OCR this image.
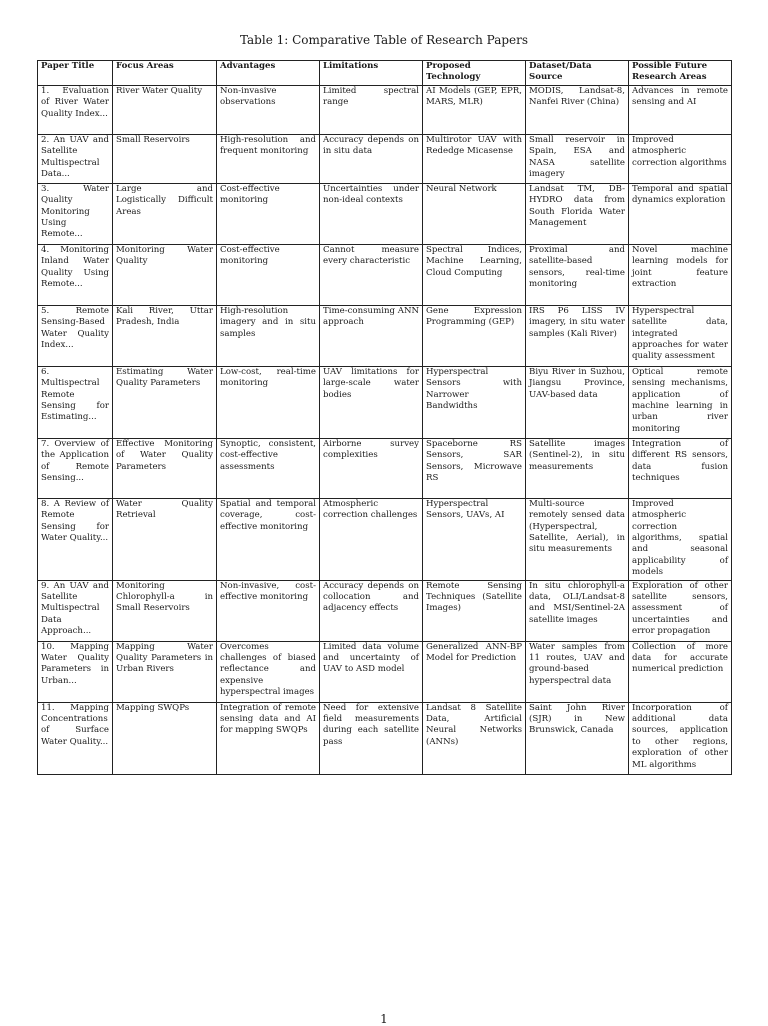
Table 1: Comparative Table of Research Papers
Paper Title	Focus Areas	Advantages	Limitations	Proposed Technology	Dataset/Data Source	Possible Future Research Areas
1. Evaluation of River Water Quality Index...	River Water Quality	Non-invasive observations	Limited spectral range	AI Models (GEP, EPR, MARS, MLR)	MODIS, Landsat-8, Nanfei River (China)	Advances in remote sensing and AI
2. An UAV and Satellite Multispectral Data...	Small Reservoirs	High-resolution and frequent monitoring	Accuracy depends on in situ data	Multirotor UAV with Rededge Micasense	Small reservoir in Spain, ESA and NASA satellite imagery	Improved atmospheric correction algorithms
3. Water Quality Monitoring Using Remote...	Large and Logistically Difficult Areas	Cost-effective monitoring	Uncertainties under non-ideal contexts	Neural Network	Landsat TM, DB-HYDRO data from South Florida Water Management	Temporal and spatial dynamics exploration
4. Monitoring Inland Water Quality Using Remote...	Monitoring Water Quality	Cost-effective monitoring	Cannot measure every characteristic	Spectral Indices, Machine Learning, Cloud Computing	Proximal and satellite-based sensors, real-time monitoring	Novel machine learning models for joint feature extraction
5. Remote Sensing-Based Water Quality Index...	Kali River, Uttar Pradesh, India	High-resolution imagery and in situ samples	Time-consuming ANN approach	Gene Expression Programming (GEP)	IRS P6 LISS IV imagery, in situ water samples (Kali River)	Hyperspectral satellite data, integrated approaches for water quality assessment
6. Multispectral Remote Sensing for Estimating...	Estimating Water Quality Parameters	Low-cost, real-time monitoring	UAV limitations for large-scale water bodies	Hyperspectral Sensors with Narrower Bandwidths	Biyu River in Suzhou, Jiangsu Province, UAV-based data	Optical remote sensing mechanisms, application of machine learning in urban river monitoring
7. Overview of the Application of Remote Sensing...	Effective Monitoring of Water Quality Parameters	Synoptic, consistent, cost-effective assessments	Airborne survey complexities	Spaceborne RS Sensors, SAR Sensors, Microwave RS	Satellite images (Sentinel-2), in situ measurements	Integration of different RS sensors, data fusion techniques
8. A Review of Remote Sensing for Water Quality...	Water Quality Retrieval	Spatial and temporal coverage, cost-effective monitoring	Atmospheric correction challenges	Hyperspectral Sensors, UAVs, AI	Multi-source remotely sensed data (Hyperspectral, Satellite, Aerial), in situ measurements	Improved atmospheric correction algorithms, spatial and seasonal applicability of models
9. An UAV and Satellite Multispectral Data Approach...	Monitoring Chlorophyll-a in Small Reservoirs	Non-invasive, cost-effective monitoring	Accuracy depends on collocation and adjacency effects	Remote Sensing Techniques (Satellite Images)	In situ chlorophyll-a data, OLI/Landsat-8 and MSI/Sentinel-2A satellite images	Exploration of other satellite sensors, assessment of uncertainties and error propagation
10. Mapping Water Quality Parameters in Urban...	Mapping Water Quality Parameters in Urban Rivers	Overcomes challenges of biased reflectance and expensive hyperspectral images	Limited data volume and uncertainty of UAV to ASD model	Generalized ANN-BP Model for Prediction	Water samples from 11 routes, UAV and ground-based hyperspectral data	Collection of more data for accurate numerical prediction
11. Mapping Concentrations of Surface Water Quality...	Mapping SWQPs	Integration of remote sensing data and AI for mapping SWQPs	Need for extensive field measurements during each satellite pass	Landsat 8 Satellite Data, Artificial Neural Networks (ANNs)	Saint John River (SJR) in New Brunswick, Canada	Incorporation of additional data sources, application to other regions, exploration of other ML algorithms
1
